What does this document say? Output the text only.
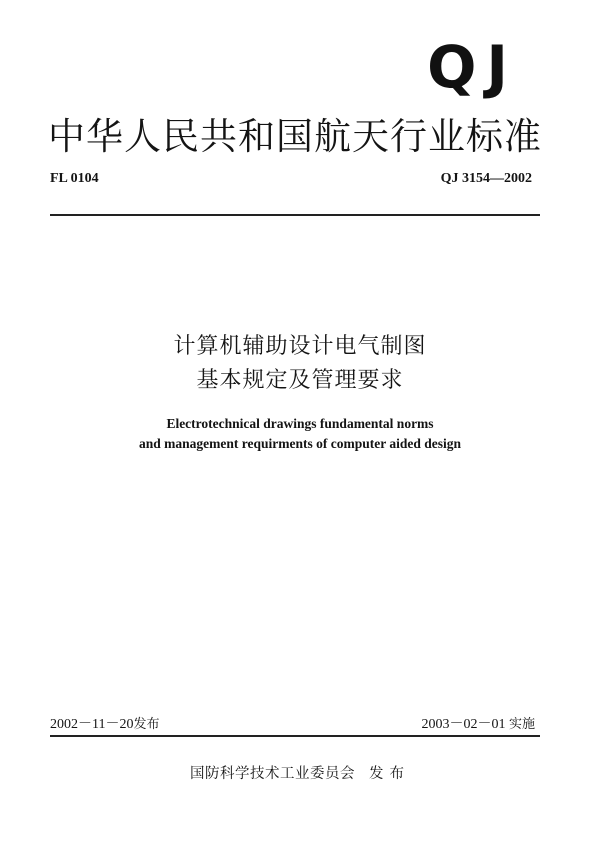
QJ
中华人民共和国航天行业标准
FL 0104	QJ 3154—2002
计算机辅助设计电气制图
基本规定及管理要求
Electrotechnical drawings fundamental norms
and management requirments of computer aided design
2002－11－20发布	2003－02－01 实施
国防科学技术工业委员会 发布
